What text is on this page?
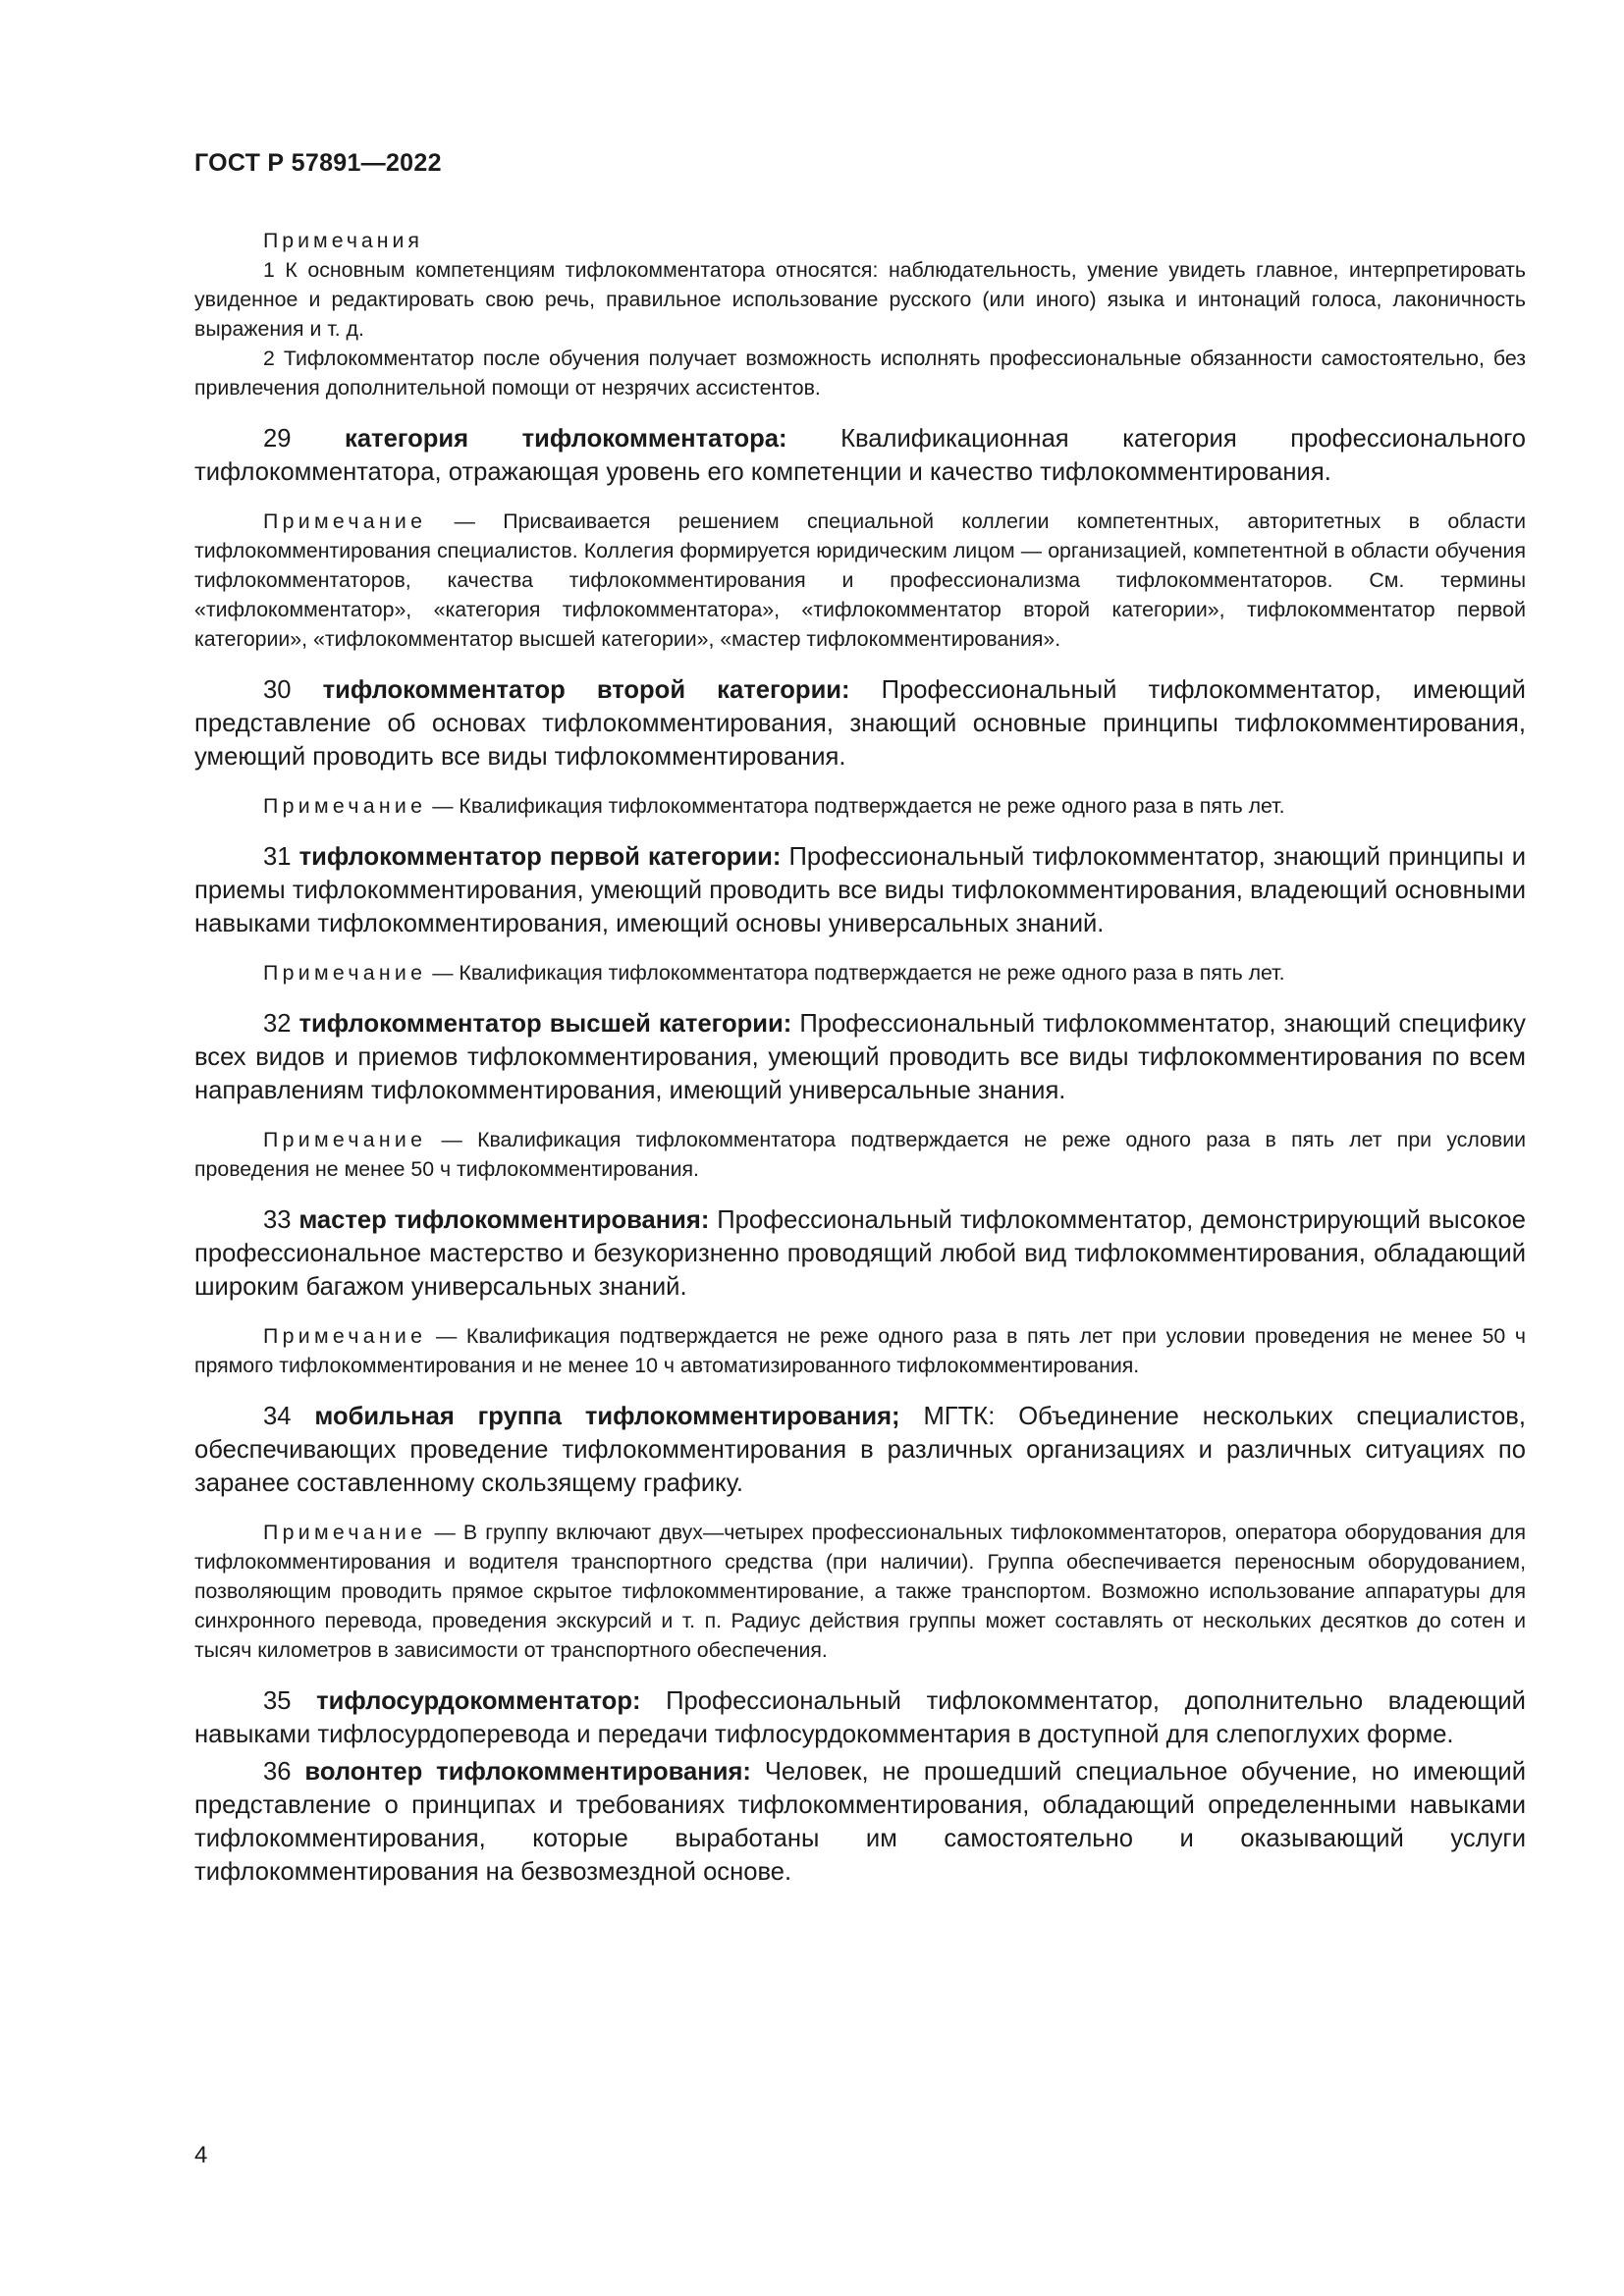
ГОСТ Р 57891—2022

Примечания

1 К основным компетенциям тифлокомментатора относятся: наблюдательность, умение увидеть главное, интерпретировать увиденное и редактировать свою речь, правильное использование русского (или иного) языка и интонаций голоса, лаконичность выражения и т. д.

2 Тифлокомментатор после обучения получает возможность исполнять профессиональные обязанности самостоятельно, без привлечения дополнительной помощи от незрячих ассистентов.

29 категория тифлокомментатора: Квалификационная категория профессионального тифлокомментатора, отражающая уровень его компетенции и качество тифлокомментирования.

Примечание — Присваивается решением специальной коллегии компетентных, авторитетных в области тифлокомментирования специалистов. Коллегия формируется юридическим лицом — организацией, компетентной в области обучения тифлокомментаторов, качества тифлокомментирования и профессионализма тифлокомментаторов. См. термины «тифлокомментатор», «категория тифлокомментатора», «тифлокомментатор второй категории», тифлокомментатор первой категории», «тифлокомментатор высшей категории», «мастер тифлокомментирования».

30 тифлокомментатор второй категории: Профессиональный тифлокомментатор, имеющий представление об основах тифлокомментирования, знающий основные принципы тифлокомментирования, умеющий проводить все виды тифлокомментирования.

Примечание — Квалификация тифлокомментатора подтверждается не реже одного раза в пять лет.

31 тифлокомментатор первой категории: Профессиональный тифлокомментатор, знающий принципы и приемы тифлокомментирования, умеющий проводить все виды тифлокомментирования, владеющий основными навыками тифлокомментирования, имеющий основы универсальных знаний.

Примечание — Квалификация тифлокомментатора подтверждается не реже одного раза в пять лет.

32 тифлокомментатор высшей категории: Профессиональный тифлокомментатор, знающий специфику всех видов и приемов тифлокомментирования, умеющий проводить все виды тифлокомментирования по всем направлениям тифлокомментирования, имеющий универсальные знания.

Примечание — Квалификация тифлокомментатора подтверждается не реже одного раза в пять лет при условии проведения не менее 50 ч тифлокомментирования.

33 мастер тифлокомментирования: Профессиональный тифлокомментатор, демонстрирующий высокое профессиональное мастерство и безукоризненно проводящий любой вид тифлокомментирования, обладающий широким багажом универсальных знаний.

Примечание — Квалификация подтверждается не реже одного раза в пять лет при условии проведения не менее 50 ч прямого тифлокомментирования и не менее 10 ч автоматизированного тифлокомментирования.

34 мобильная группа тифлокомментирования; МГТК: Объединение нескольких специалистов, обеспечивающих проведение тифлокомментирования в различных организациях и различных ситуациях по заранее составленному скользящему графику.

Примечание — В группу включают двух—четырех профессиональных тифлокомментаторов, оператора оборудования для тифлокомментирования и водителя транспортного средства (при наличии). Группа обеспечивается переносным оборудованием, позволяющим проводить прямое скрытое тифлокомментирование, а также транспортом. Возможно использование аппаратуры для синхронного перевода, проведения экскурсий и т. п. Радиус действия группы может составлять от нескольких десятков до сотен и тысяч километров в зависимости от транспортного обеспечения.

35 тифлосурдокомментатор: Профессиональный тифлокомментатор, дополнительно владеющий навыками тифлосурдоперевода и передачи тифлосурдокомментария в доступной для слепоглухих форме.

36 волонтер тифлокомментирования: Человек, не прошедший специальное обучение, но имеющий представление о принципах и требованиях тифлокомментирования, обладающий определенными навыками тифлокомментирования, которые выработаны им самостоятельно и оказывающий услуги тифлокомментирования на безвозмездной основе.

4
